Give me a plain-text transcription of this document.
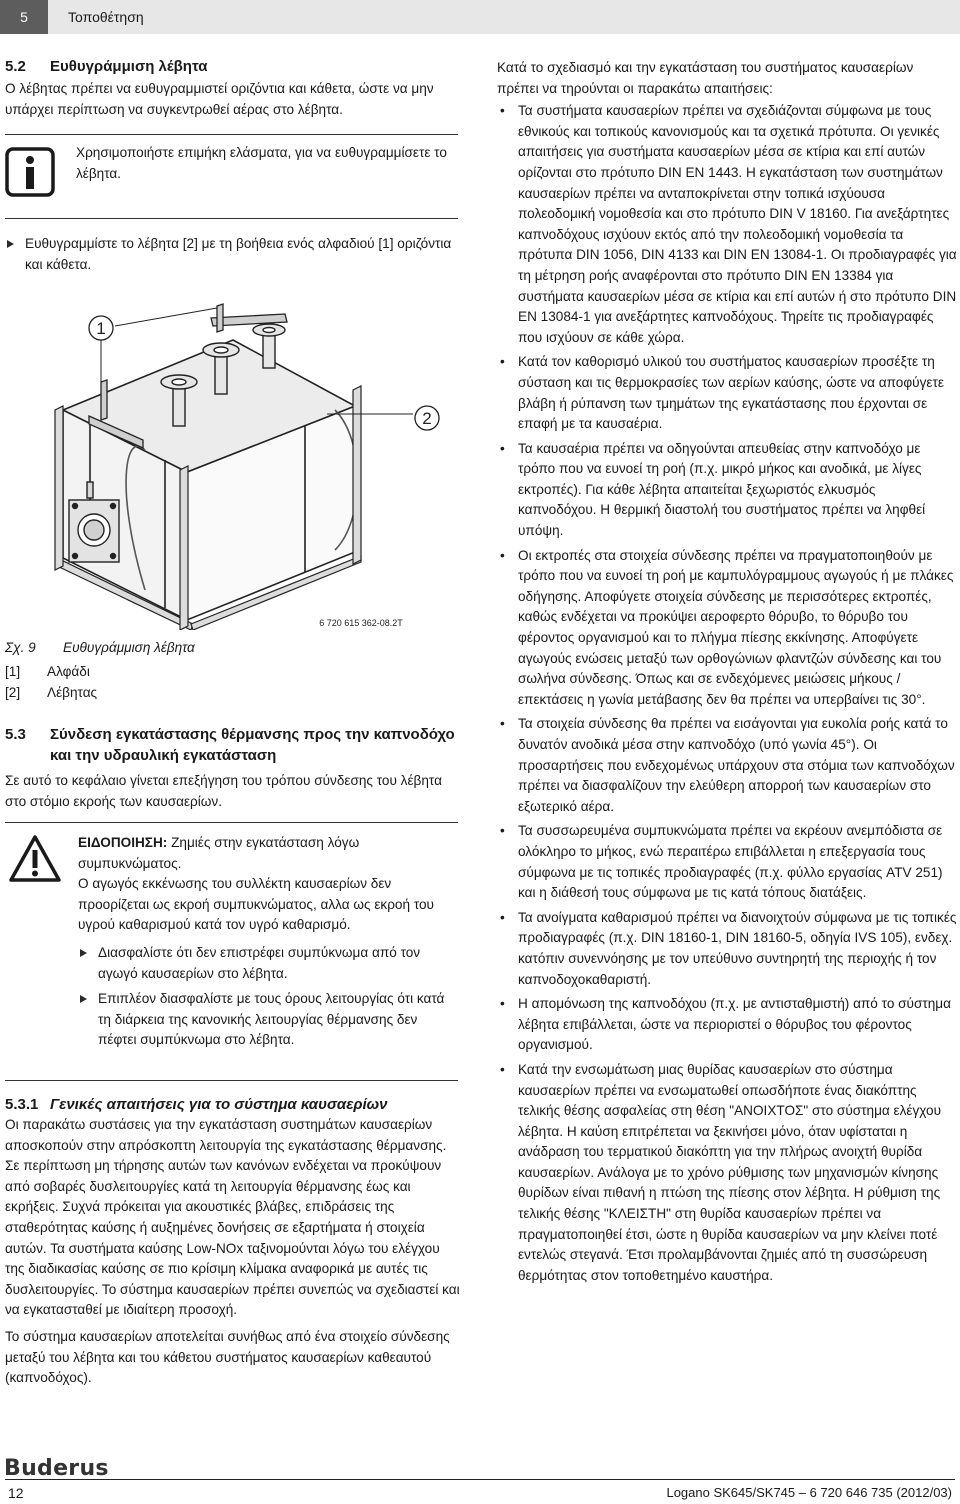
5	Τοποθέτηση
5.2	Ευθυγράμμιση λέβητα

Ο λέβητας πρέπει να ευθυγραμμιστεί οριζόντια και κάθετα, ώστε να μην υπάρχει περίπτωση να συγκεντρωθεί αέρας στο λέβητα.

Χρησιμοποιήστε επιμήκη ελάσματα, για να ευθυγραμμίσετε το λέβητα.

Ευθυγραμμίστε το λέβητα [2] με τη βοήθεια ενός αλφαδιού [1] οριζόντια και κάθετα.

1
2
6 720 615 362-08.2T
Σχ. 9 Ευθυγράμμιση λέβητα
[1] Αλφάδι
[2] Λέβητας
5.3	Σύνδεση εγκατάστασης θέρμανσης προς την καπνοδόχο και την υδραυλική εγκατάσταση

Σε αυτό το κεφάλαιο γίνεται επεξήγηση του τρόπου σύνδεσης του λέβητα στο στόμιο εκροής των καυσαερίων.

ΕΙΔΟΠΟΙΗΣΗ: Ζημιές στην εγκατάσταση λόγω συμπυκνώματος.

Ο αγωγός εκκένωσης του συλλέκτη καυσαερίων δεν προορίζεται ως εκροή συμπυκνώματος, αλλα ως εκροή του υγρού καθαρισμού κατά τον υγρό καθαρισμό.

Διασφαλίστε ότι δεν επιστρέφει συμπύκνωμα από τον αγωγό καυσαερίων στο λέβητα.

Επιπλέον διασφαλίστε με τους όρους λειτουργίας ότι κατά τη διάρκεια της κανονικής λειτουργίας θέρμανσης δεν πέφτει συμπύκνωμα στο λέβητα.

5.3.1 Γενικές απαιτήσεις για το σύστημα καυσαερίων

Οι παρακάτω συστάσεις για την εγκατάσταση συστημάτων καυσαερίων αποσκοπούν στην απρόσκοπτη λειτουργία της εγκατάστασης θέρμανσης. Σε περίπτωση μη τήρησης αυτών των κανόνων ενδέχεται να προκύψουν από σοβαρές δυσλειτουργίες κατά τη λειτουργία θέρμανσης έως και εκρήξεις. Συχνά πρόκειται για ακουστικές βλάβες, επιδράσεις της σταθερότητας καύσης ή αυξημένες δονήσεις σε εξαρτήματα ή στοιχεία αυτών. Τα συστήματα καύσης Low-NOx ταξινομούνται λόγω του ελέγχου της διαδικασίας καύσης σε πιο κρίσιμη κλίμακα αναφορικά με αυτές τις δυσλειτουργίες. Το σύστημα καυσαερίων πρέπει συνεπώς να σχεδιαστεί και να εγκατασταθεί με ιδιαίτερη προσοχή.

Το σύστημα καυσαερίων αποτελείται συνήθως από ένα στοιχείο σύνδεσης μεταξύ του λέβητα και του κάθετου συστήματος καυσαερίων καθεαυτού (καπνοδόχος).

Κατά το σχεδιασμό και την εγκατάσταση του συστήματος καυσαερίων πρέπει να τηρούνται οι παρακάτω απαιτήσεις:

• Τα συστήματα καυσαερίων πρέπει να σχεδιάζονται σύμφωνα με τους εθνικούς και τοπικούς κανονισμούς και τα σχετικά πρότυπα. Οι γενικές απαιτήσεις για συστήματα καυσαερίων μέσα σε κτίρια και επί αυτών ορίζονται στο πρότυπο DIN EN 1443. Η εγκατάσταση των συστημάτων καυσαερίων πρέπει να ανταποκρίνεται στην τοπικά ισχύουσα πολεοδομική νομοθεσία και στο πρότυπο DIN V 18160. Για ανεξάρτητες καπνοδόχους ισχύουν εκτός από την πολεοδομική νομοθεσία τα πρότυπα DIN 1056, DIN 4133 και DIN EN 13084-1. Οι προδιαγραφές για τη μέτρηση ροής αναφέρονται στο πρότυπο DIN EN 13384 για συστήματα καυσαερίων μέσα σε κτίρια και επί αυτών ή στο πρότυπο DIN EN 13084-1 για ανεξάρτητες καπνοδόχους. Τηρείτε τις προδιαγραφές που ισχύουν σε κάθε χώρα.
• Κατά τον καθορισμό υλικού του συστήματος καυσαερίων προσέξτε τη σύσταση και τις θερμοκρασίες των αερίων καύσης, ώστε να αποφύγετε βλάβη ή ρύπανση των τμημάτων της εγκατάστασης που έρχονται σε επαφή με τα καυσαέρια.
• Τα καυσαέρια πρέπει να οδηγούνται απευθείας στην καπνοδόχο με τρόπο που να ευνοεί τη ροή (π.χ. μικρό μήκος και ανοδικά, με λίγες εκτροπές). Για κάθε λέβητα απαιτείται ξεχωριστός ελκυσμός καπνοδόχου. Η θερμική διαστολή του συστήματος πρέπει να ληφθεί υπόψη.
• Οι εκτροπές στα στοιχεία σύνδεσης πρέπει να πραγματοποιηθούν με τρόπο που να ευνοεί τη ροή με καμπυλόγραμμους αγωγούς ή με πλάκες οδήγησης. Αποφύγετε στοιχεία σύνδεσης με περισσότερες εκτροπές, καθώς ενδέχεται να προκύψει αεροφερτο θόρυβο, το θόρυβο του φέροντος οργανισμού και το πλήγμα πίεσης εκκίνησης. Αποφύγετε αγωγούς ενώσεις μεταξύ των ορθογώνιων φλαντζών σύνδεσης και του σωλήνα σύνδεσης. Όπως και σε ενδεχόμενες μειώσεις μήκους / επεκτάσεις η γωνία μετάβασης δεν θα πρέπει να υπερβαίνει τις 30°.
• Τα στοιχεία σύνδεσης θα πρέπει να εισάγονται για ευκολία ροής κατά το δυνατόν ανοδικά μέσα στην καπνοδόχο (υπό γωνία 45°). Οι προσαρτήσεις που ενδεχομένως υπάρχουν στα στόμια των καπνοδόχων πρέπει να διασφαλίζουν την ελεύθερη απορροή των καυσαερίων στο εξωτερικό αέρα.
• Τα συσσωρευμένα συμπυκνώματα πρέπει να εκρέουν ανεμπόδιστα σε ολόκληρο το μήκος, ενώ περαιτέρω επιβάλλεται η επεξεργασία τους σύμφωνα με τις τοπικές προδιαγραφές (π.χ. φύλλο εργασίας ATV 251) και η διάθεσή τους σύμφωνα με τις κατά τόπους διατάξεις.
• Τα ανοίγματα καθαρισμού πρέπει να διανοιχτούν σύμφωνα με τις τοπικές προδιαγραφές (π.χ. DIN 18160-1, DIN 18160-5, οδηγία IVS 105), ενδεχ. κατόπιν συνεννόησης με τον υπεύθυνο συντηρητή της περιοχής ή τον καπνοδοχοκαθαριστή.
• Η απομόνωση της καπνοδόχου (π.χ. με αντισταθμιστή) από το σύστημα λέβητα επιβάλλεται, ώστε να περιοριστεί ο θόρυβος του φέροντος οργανισμού.
• Κατά την ενσωμάτωση μιας θυρίδας καυσαερίων στο σύστημα καυσαερίων πρέπει να ενσωματωθεί οπωσδήποτε ένας διακόπτης τελικής θέσης ασφαλείας στη θέση "ΑΝΟΙΧΤΟΣ" στο σύστημα ελέγχου λέβητα. Η καύση επιτρέπεται να ξεκινήσει μόνο, όταν υφίσταται η ανάδραση του τερματικού διακόπτη για την πλήρως ανοιχτή θυρίδα καυσαερίων. Ανάλογα με το χρόνο ρύθμισης των μηχανισμών κίνησης θυρίδων είναι πιθανή η πτώση της πίεσης στον λέβητα. Η ρύθμιση της τελικής θέσης "ΚΛΕΙΣΤΗ" στη θυρίδα καυσαερίων πρέπει να πραγματοποιηθεί έτσι, ώστε η θυρίδα καυσαερίων να μην κλείνει ποτέ εντελώς στεγανά. Έτσι προλαμβάνονται ζημιές από τη συσσώρευση θερμότητας στον τοποθετημένο καυστήρα.
Buderus
12	Logano SK645/SK745 – 6 720 646 735 (2012/03)
